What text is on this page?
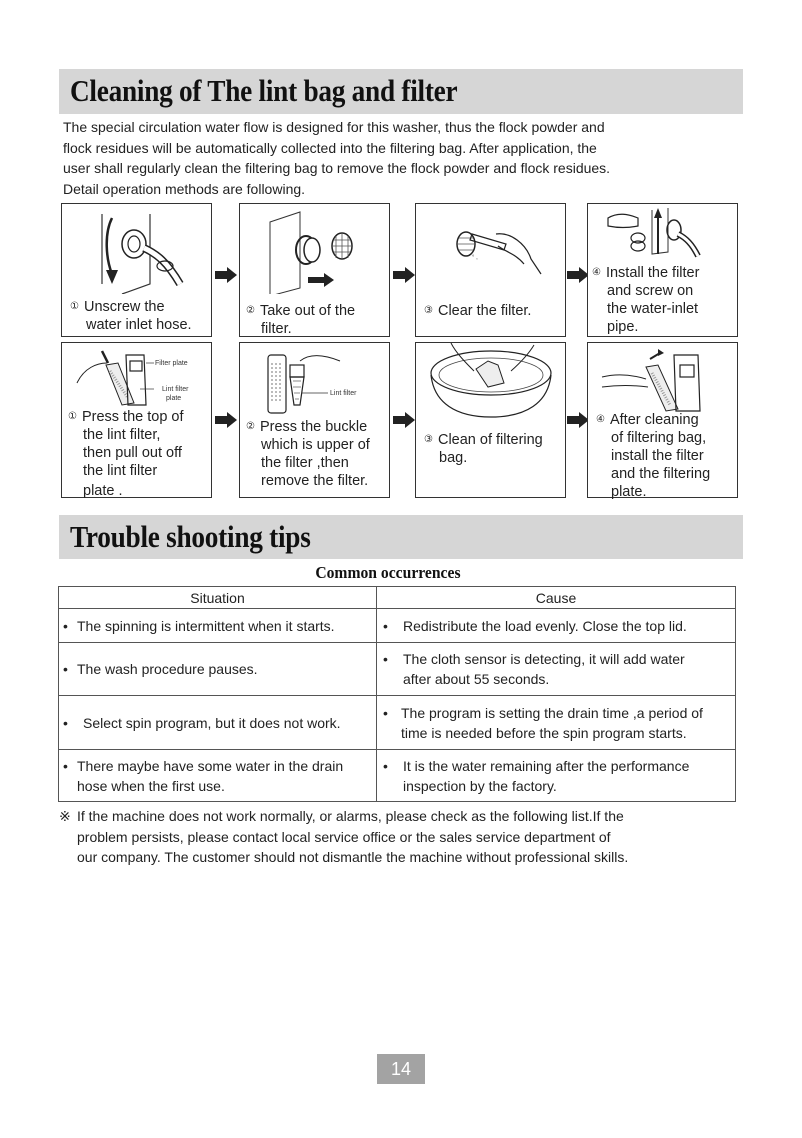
Cleaning of The lint bag and filter

The special circulation water flow is designed for this washer, thus the flock powder and

flock residues will be automatically collected into the filtering bag. After application, the

user shall regularly clean the filtering bag to remove the flock powder and flock residues.

Detail operation methods are following.

① Unscrew the
water inlet hose.
② Take out of the
filter.
° ,
③ Clear the filter.
④ Install the filter
and screw on
the water-inlet
pipe.
Filter plate
Lint filter
plate
① Press the top of
the lint filter,
then pull out off
the lint filter
plate .
Lint filter
② Press the buckle
which is upper of
the filter ,then
remove the filter.
③ Clean of filtering
bag.
④ After cleaning
of filtering bag,
install the filter
and the filtering
plate.
Trouble shooting tips
Common occurrences
Situation	Cause
• The spinning is intermittent when it starts.	• Redistribute the load evenly. Close the top lid.
• The wash procedure pauses.	• The cloth sensor is detecting, it will add water after about 55 seconds.

• Select spin program, but it does not work.	• The program is setting the drain time ,a period of time is needed before the spin program starts.

• There maybe have some water in the drain hose when the first use.	• It is the water remaining after the performance inspection by the factory.
※ If the machine does not work normally, or alarms, please check as the following list.If the
problem persists, please contact local service office or the sales service department of
our company. The customer should not dismantle the machine without professional skills.
14
